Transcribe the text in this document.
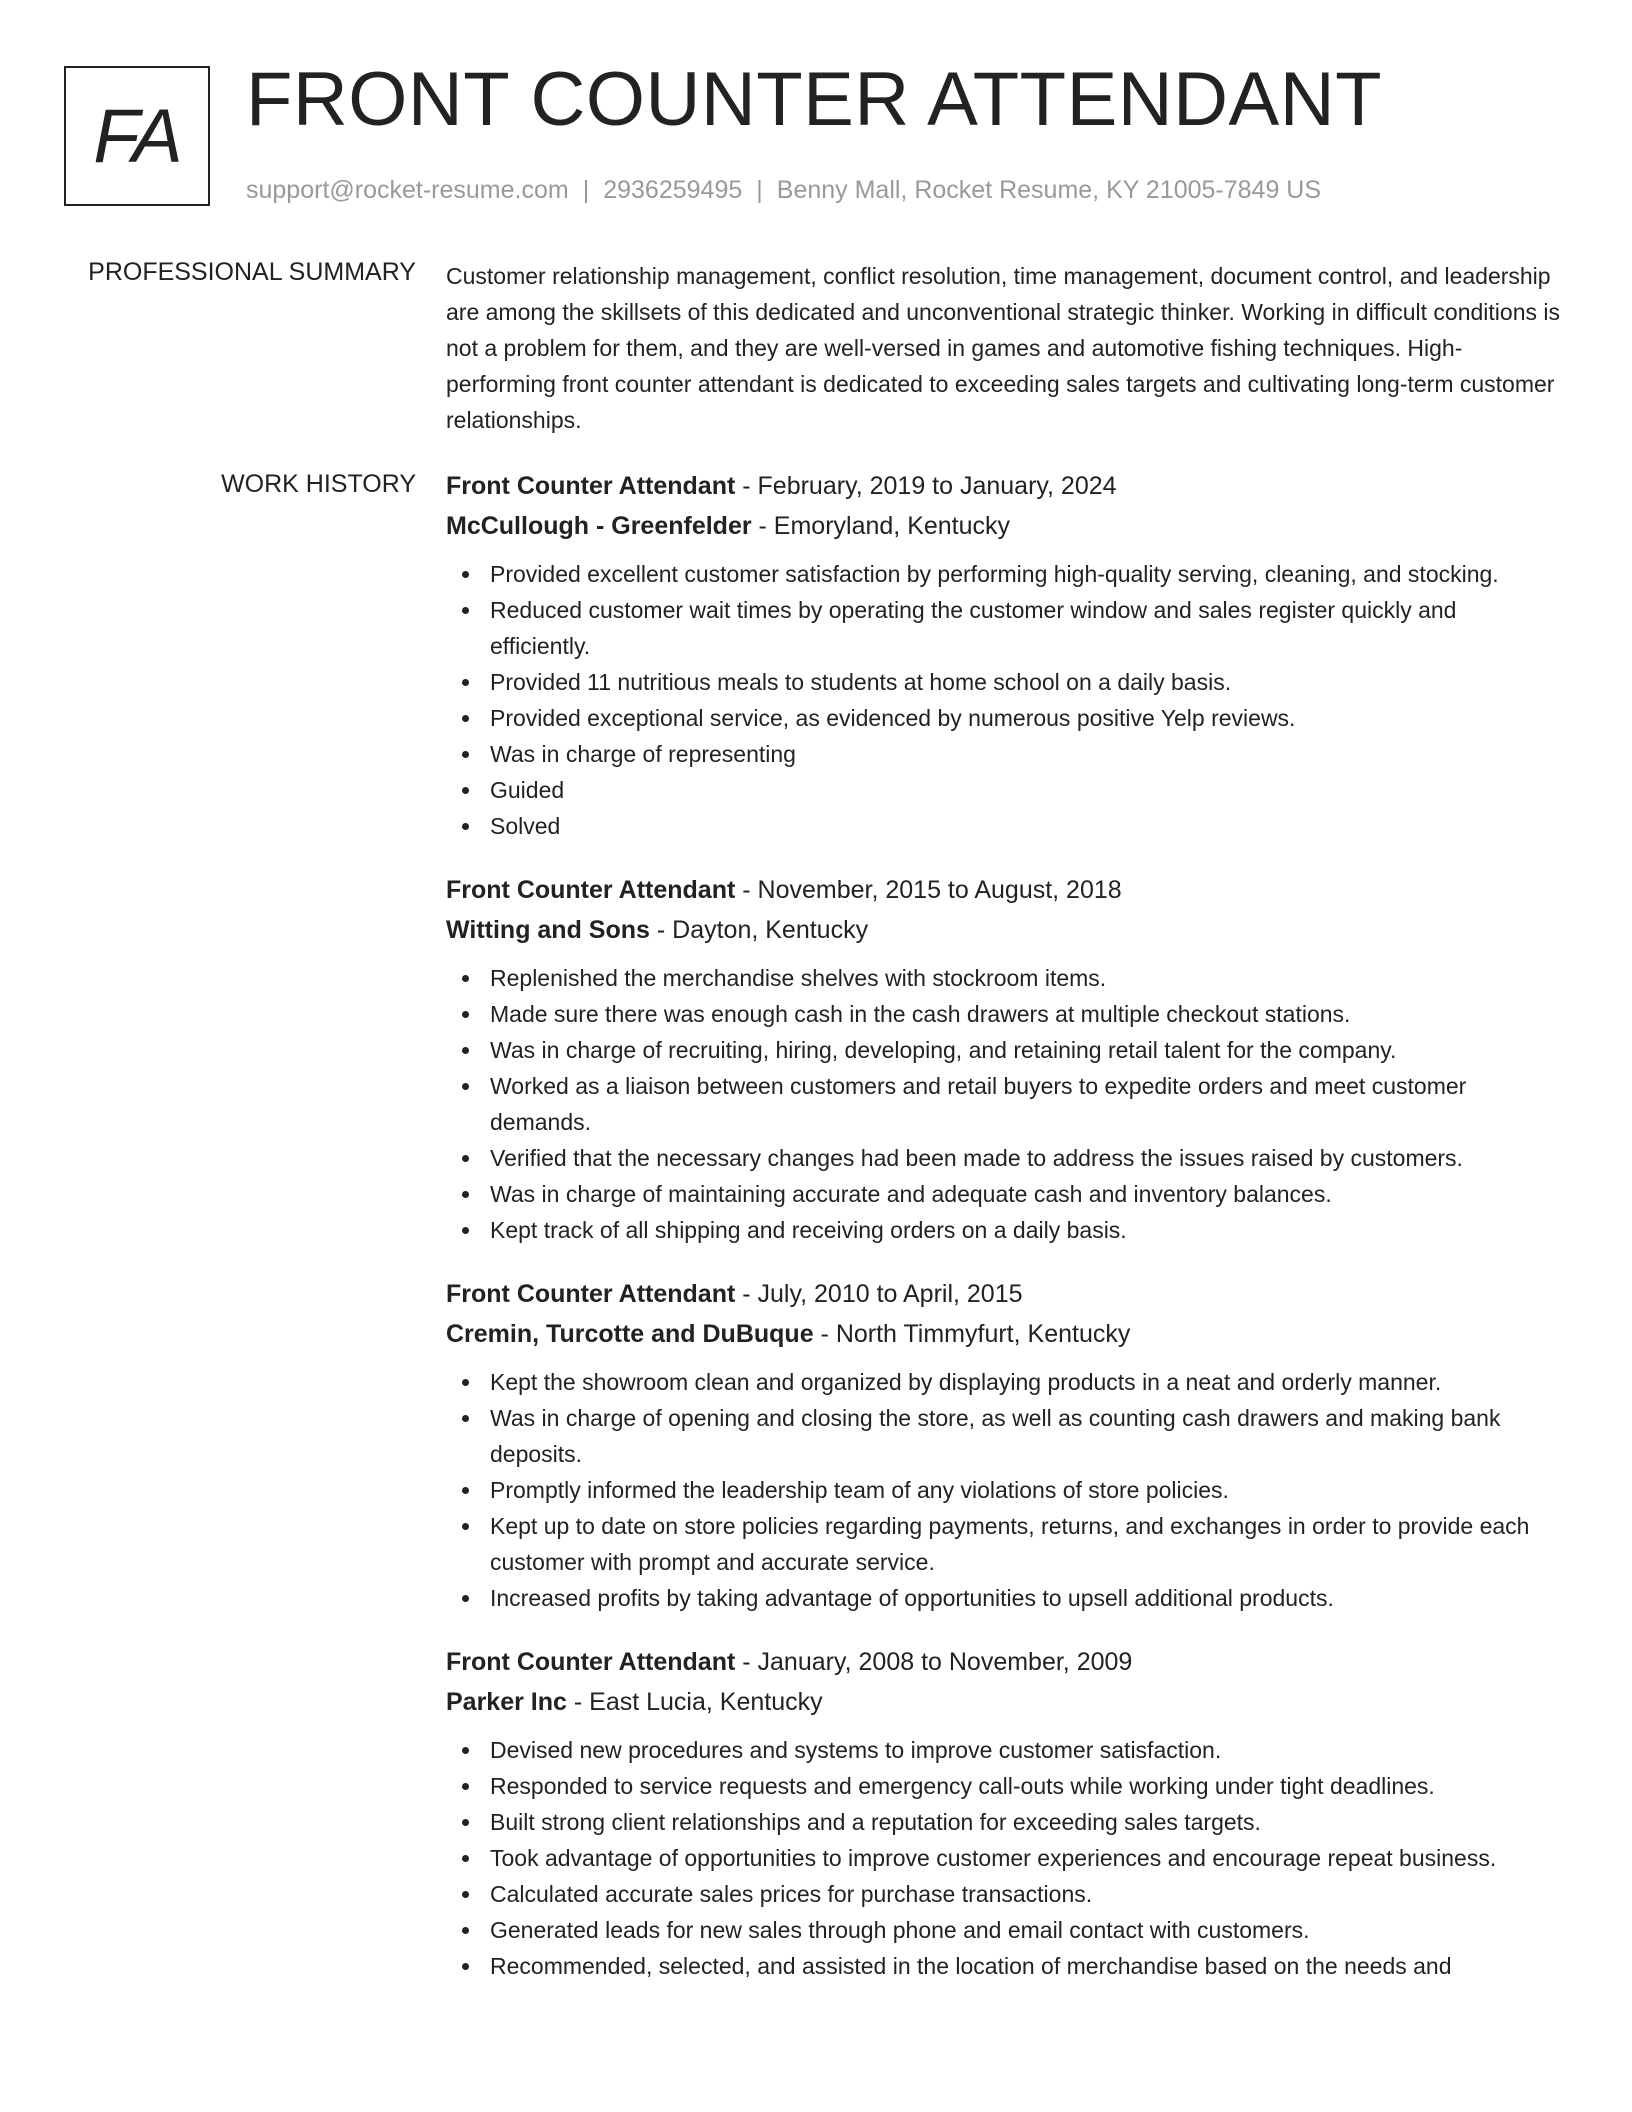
FA FRONT COUNTER ATTENDANT
support@rocket-resume.com | 2936259495 | Benny Mall, Rocket Resume, KY 21005-7849 US
PROFESSIONAL SUMMARY Customer relationship management, conflict resolution, time management, document control, and leadership are among the skillsets of this dedicated and unconventional strategic thinker. Working in difficult conditions is not a problem for them, and they are well-versed in games and automotive fishing techniques. High-performing front counter attendant is dedicated to exceeding sales targets and cultivating long-term customer relationships.

WORK HISTORY Front Counter Attendant - February, 2019 to January, 2024
McCullough - Greenfelder - Emoryland, Kentucky
Provided excellent customer satisfaction by performing high-quality serving, cleaning, and stocking.
Reduced customer wait times by operating the customer window and sales register quickly and efficiently.
Provided 11 nutritious meals to students at home school on a daily basis.
Provided exceptional service, as evidenced by numerous positive Yelp reviews.
Was in charge of representing
Guided
Solved
Front Counter Attendant - November, 2015 to August, 2018
Witting and Sons - Dayton, Kentucky
Replenished the merchandise shelves with stockroom items.
Made sure there was enough cash in the cash drawers at multiple checkout stations.
Was in charge of recruiting, hiring, developing, and retaining retail talent for the company.
Worked as a liaison between customers and retail buyers to expedite orders and meet customer demands.
Verified that the necessary changes had been made to address the issues raised by customers.
Was in charge of maintaining accurate and adequate cash and inventory balances.
Kept track of all shipping and receiving orders on a daily basis.
Front Counter Attendant - July, 2010 to April, 2015
Cremin, Turcotte and DuBuque - North Timmyfurt, Kentucky
Kept the showroom clean and organized by displaying products in a neat and orderly manner.
Was in charge of opening and closing the store, as well as counting cash drawers and making bank deposits.
Promptly informed the leadership team of any violations of store policies.
Kept up to date on store policies regarding payments, returns, and exchanges in order to provide each customer with prompt and accurate service.
Increased profits by taking advantage of opportunities to upsell additional products.
Front Counter Attendant - January, 2008 to November, 2009
Parker Inc - East Lucia, Kentucky
Devised new procedures and systems to improve customer satisfaction.
Responded to service requests and emergency call-outs while working under tight deadlines.
Built strong client relationships and a reputation for exceeding sales targets.
Took advantage of opportunities to improve customer experiences and encourage repeat business.
Calculated accurate sales prices for purchase transactions.
Generated leads for new sales through phone and email contact with customers.
Recommended, selected, and assisted in the location of merchandise based on the needs and
